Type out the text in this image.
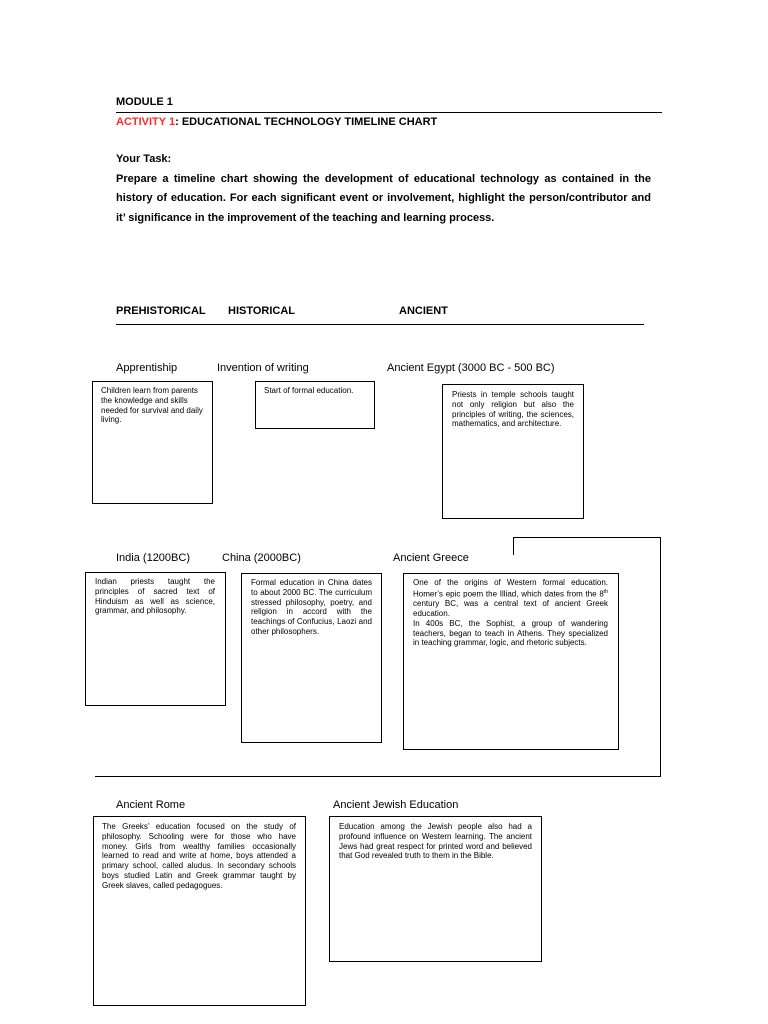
MODULE 1
ACTIVITY 1: EDUCATIONAL TECHNOLOGY TIMELINE CHART
Your Task:
Prepare a timeline chart showing the development of educational technology as contained in the history of education. For each significant event or involvement, highlight the person/contributor and it’ significance in the improvement of the teaching and learning process.
PREHISTORICAL HISTORICAL	ANCIENT
Apprentiship	Invention of writing	Ancient Egypt (3000 BC - 500 BC)
Children learn from parents the knowledge and skills needed for survival and daily living.
Start of formal education.	Priests in temple schools taught not only religion but also the principles of writing, the sciences, mathematics, and architecture.
India (1200BC)	China (2000BC)	Ancient Greece
Indian priests taught the principles of sacred text of Hinduism as well as science, grammar, and philosophy.
Formal education in China dates to about 2000 BC. The curriculum stressed philosophy, poetry, and religion in accord with the teachings of Confucius, Laozi and other philosophers.

One of the origins of Western formal education. Homer’s epic poem the Illiad, which dates from the 8th century BC, was a central text of ancient Greek education.

In 400s BC, the Sophist, a group of wandering teachers, began to teach in Athens. They specialized in teaching grammar, logic, and rhetoric subjects.

Ancient Rome	Ancient Jewish Education
The Greeks’ education focused on the study of philosophy. Schooling were for those who have money. Girls from wealthy families occasionally learned to read and write at home, boys attended a primary school, called aludus. In secondary schools boys studied Latin and Greek grammar taught by Greek slaves, called pedagogues.
Education among the Jewish people also had a profound influence on Western learning. The ancient Jews had great respect for printed word and believed that God revealed truth to them in the Bible.
